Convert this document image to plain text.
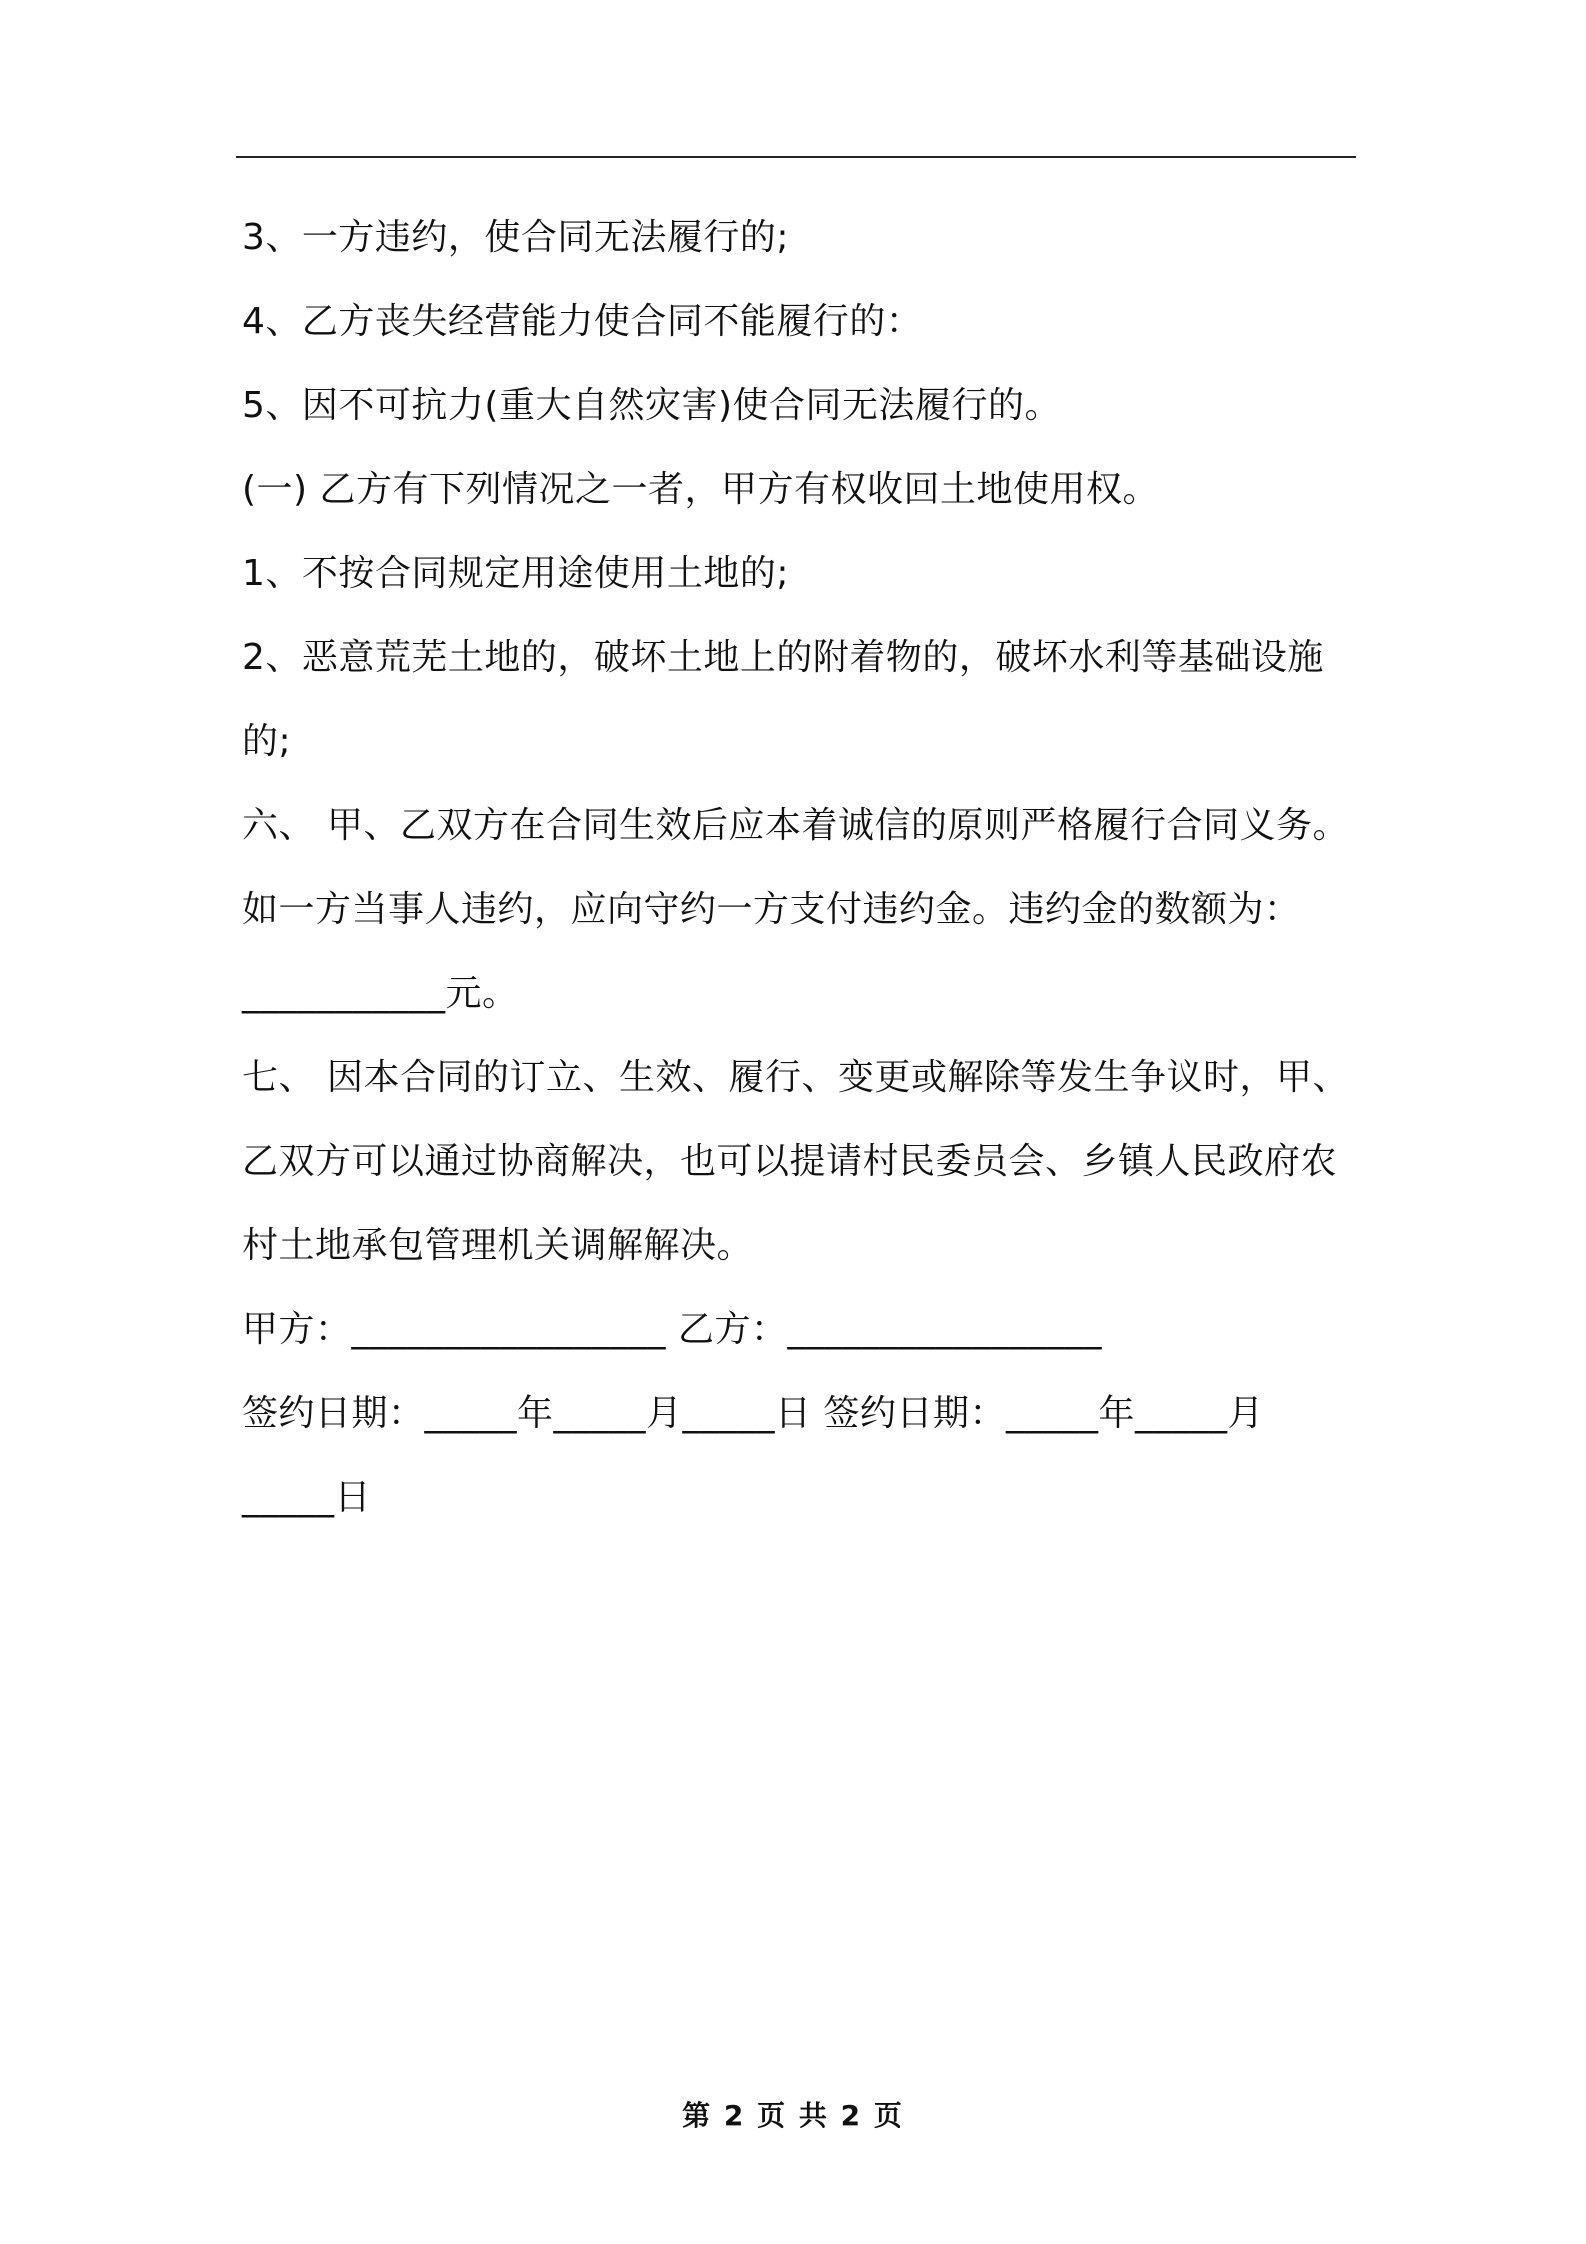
3、一方违约，使合同无法履行的;
4、乙方丧失经营能力使合同不能履行的：
5、因不可抗力(重大自然灾害)使合同无法履行的。
(一) 乙方有下列情况之一者，甲方有权收回土地使用权。
1、不按合同规定用途使用土地的;
2、恶意荒芜土地的，破坏土地上的附着物的，破坏水利等基础设施
的;
六、 甲、乙双方在合同生效后应本着诚信的原则严格履行合同义务。
如一方当事人违约，应向守约一方支付违约金。违约金的数额为：
___________元。
七、 因本合同的订立、生效、履行、变更或解除等发生争议时，甲、
乙双方可以通过协商解决，也可以提请村民委员会、乡镇人民政府农
村土地承包管理机关调解解决。
甲方：_________________ 乙方：_________________
签约日期：_____年_____月_____日 签约日期：_____年_____月
_____日
第 2 页 共 2 页
